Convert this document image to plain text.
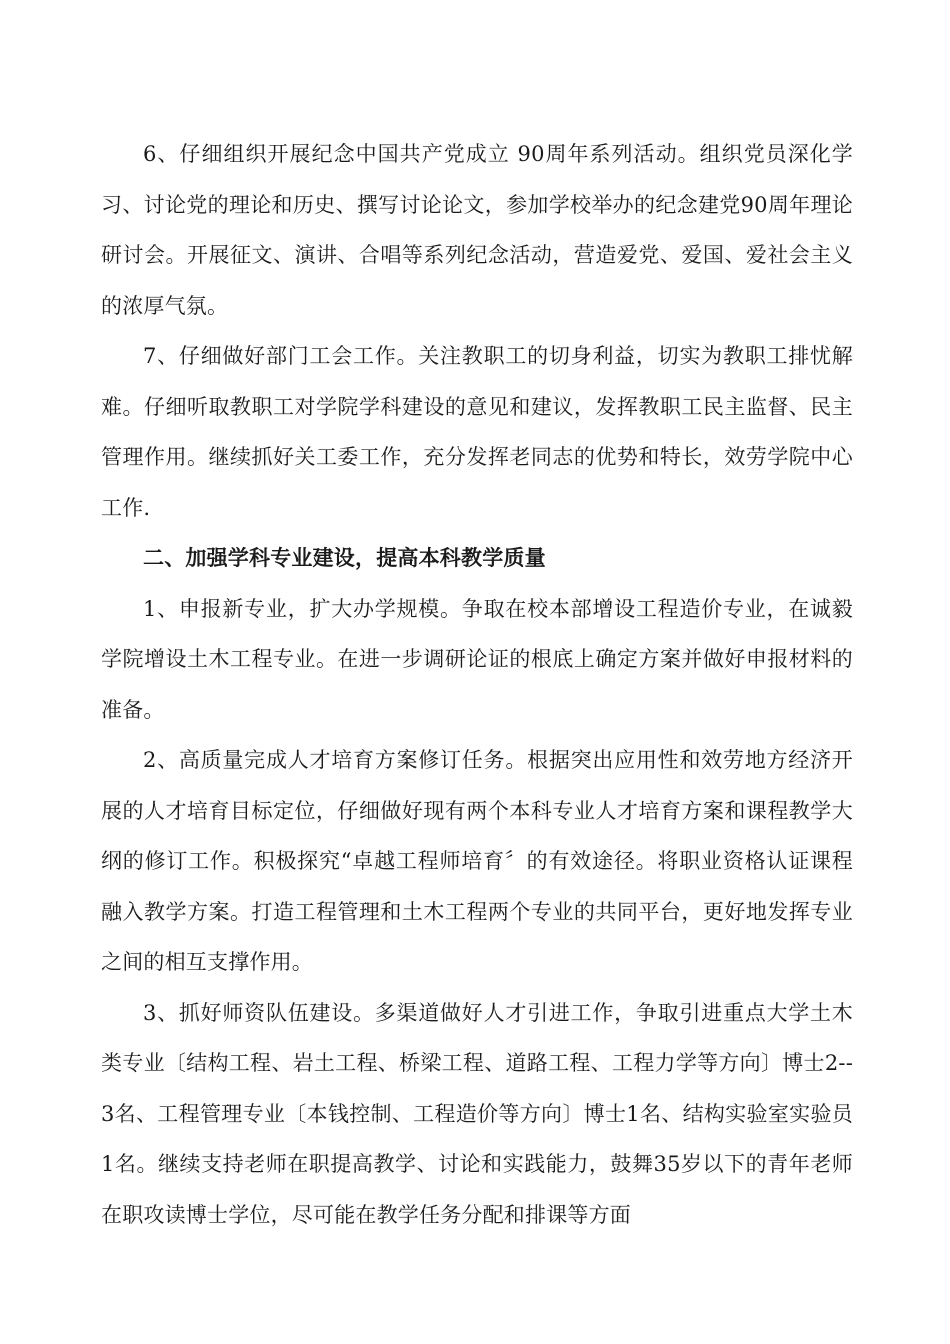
6、仔细组织开展纪念中国共产党成立 90周年系列活动。组织党员深化学习、讨论党的理论和历史、撰写讨论论文，参加学校举办的纪念建党90周年理论研讨会。开展征文、演讲、合唱等系列纪念活动，营造爱党、爱国、爱社会主义的浓厚气氛。

7、仔细做好部门工会工作。关注教职工的切身利益，切实为教职工排忧解难。仔细听取教职工对学院学科建设的意见和建议，发挥教职工民主监督、民主管理作用。继续抓好关工委工作，充分发挥老同志的优势和特长，效劳学院中心工作.

二、加强学科专业建设，提高本科教学质量

1、申报新专业，扩大办学规模。争取在校本部增设工程造价专业，在诚毅学院增设土木工程专业。在进一步调研论证的根底上确定方案并做好申报材料的准备。

2、高质量完成人才培育方案修订任务。根据突出应用性和效劳地方经济开展的人才培育目标定位，仔细做好现有两个本科专业人才培育方案和课程教学大纲的修订工作。积极探究“卓越工程师培育〞的有效途径。将职业资格认证课程融入教学方案。打造工程管理和土木工程两个专业的共同平台，更好地发挥专业之间的相互支撑作用。

3、抓好师资队伍建设。多渠道做好人才引进工作，争取引进重点大学土木类专业〔结构工程、岩土工程、桥梁工程、道路工程、工程力学等方向〕博士2--3名、工程管理专业〔本钱控制、工程造价等方向〕博士1名、结构实验室实验员1名。继续支持老师在职提高教学、讨论和实践能力，鼓舞35岁以下的青年老师在职攻读博士学位，尽可能在教学任务分配和排课等方面
